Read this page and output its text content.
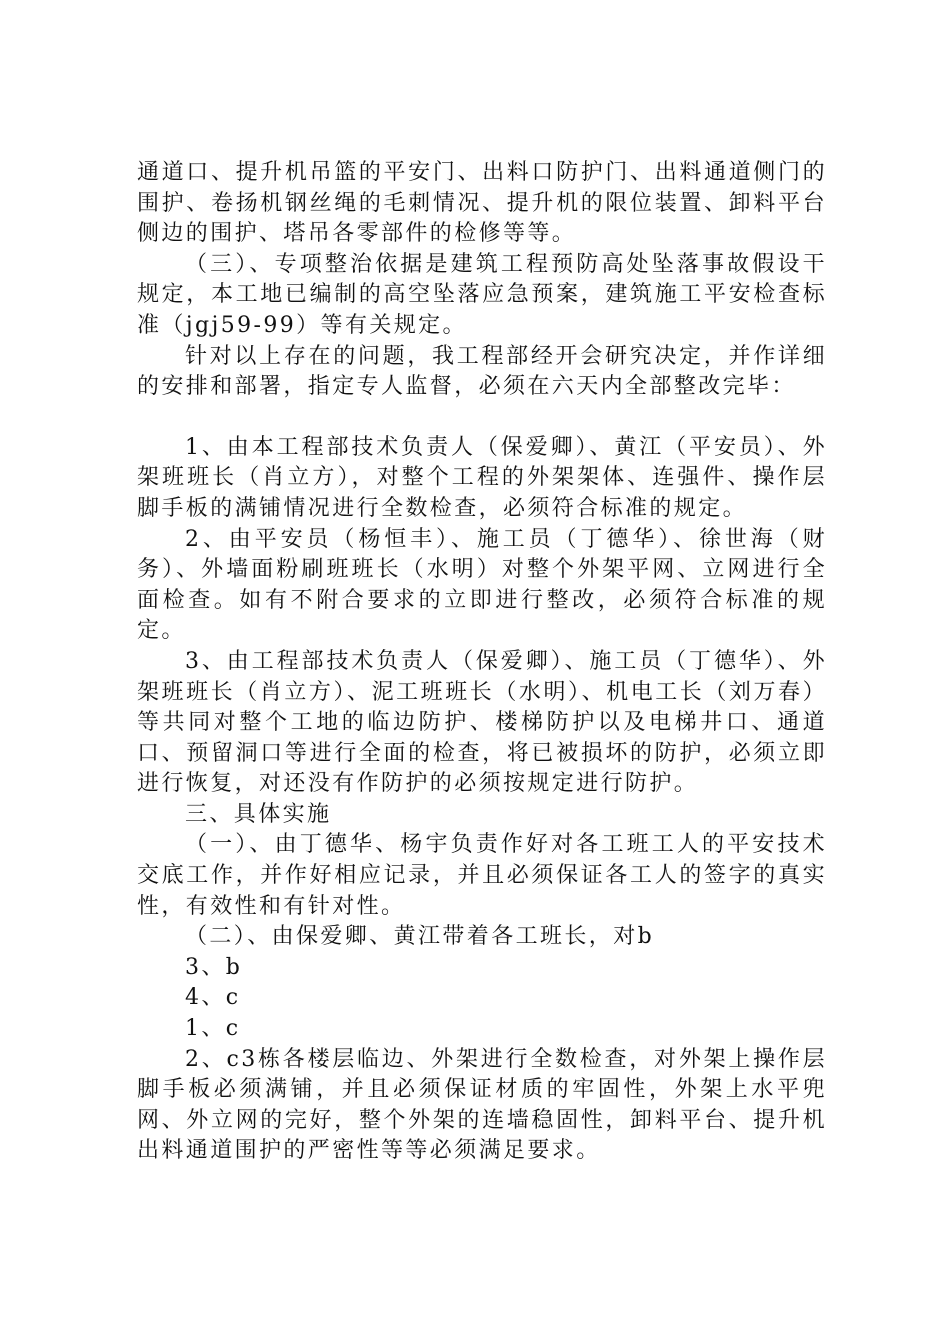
通道口、提升机吊篮的平安门、出料口防护门、出料通道侧门的围护、卷扬机钢丝绳的毛刺情况、提升机的限位装置、卸料平台侧边的围护、塔吊各零部件的检修等等。

（三）、专项整治依据是建筑工程预防高处坠落事故假设干规定，本工地已编制的高空坠落应急预案，建筑施工平安检查标准（jgj59-99）等有关规定。

针对以上存在的问题，我工程部经开会研究决定，并作详细的安排和部署，指定专人监督，必须在六天内全部整改完毕：

1、由本工程部技术负责人（保爱卿）、黄江（平安员）、外架班班长（肖立方），对整个工程的外架架体、连强件、操作层脚手板的满铺情况进行全数检查，必须符合标准的规定。

2、由平安员（杨恒丰）、施工员（丁德华）、徐世海（财务）、外墙面粉刷班班长（水明）对整个外架平网、立网进行全面检查。如有不附合要求的立即进行整改，必须符合标准的规定。

3、由工程部技术负责人（保爱卿）、施工员（丁德华）、外架班班长（肖立方）、泥工班班长（水明）、机电工长（刘万春）等共同对整个工地的临边防护、楼梯防护以及电梯井口、通道口、预留洞口等进行全面的检查，将已被损坏的防护，必须立即进行恢复，对还没有作防护的必须按规定进行防护。

三、具体实施

（一）、由丁德华、杨宇负责作好对各工班工人的平安技术交底工作，并作好相应记录，并且必须保证各工人的签字的真实性，有效性和有针对性。

（二）、由保爱卿、黄江带着各工班长，对b

3、b

4、c

1、c

2、c3栋各楼层临边、外架进行全数检查，对外架上操作层脚手板必须满铺，并且必须保证材质的牢固性，外架上水平兜网、外立网的完好，整个外架的连墙稳固性，卸料平台、提升机出料通道围护的严密性等等必须满足要求。
